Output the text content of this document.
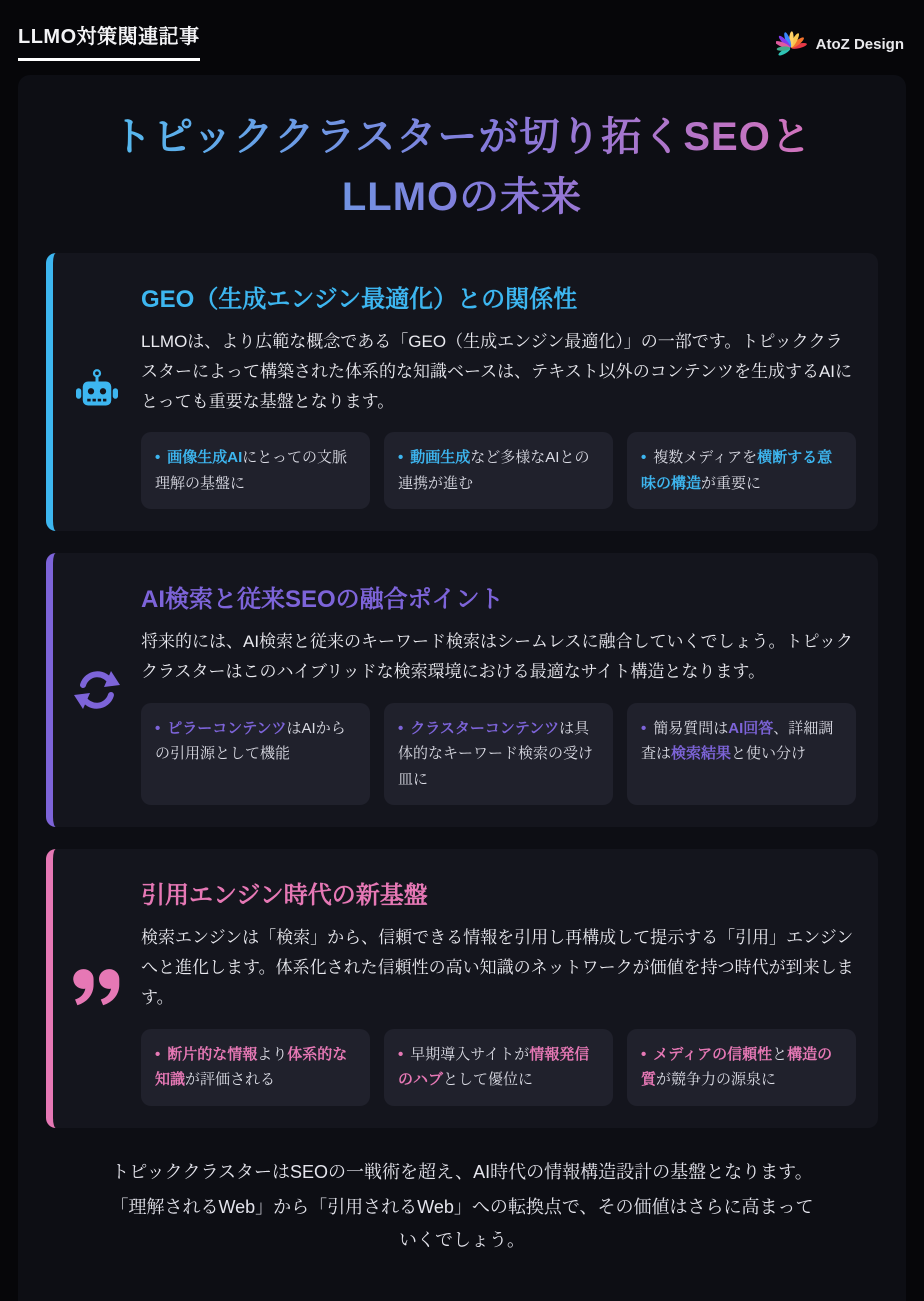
LLMO対策関連記事	AtoZ Design
トピッククラスターが切り拓くSEOと
LLMOの未来
GEO（生成エンジン最適化）との関係性

LLMOは、より広範な概念である「GEO（生成エンジン最適化）」の一部です。トピッククラスターによって構築された体系的な知識ベースは、テキスト以外のコンテンツを生成するAIにとっても重要な基盤となります。

• 画像生成AIにとっての文脈理解の基盤に
• 動画生成など多様なAIとの連携が進む
• 複数メディアを横断する意味の構造が重要に
AI検索と従来SEOの融合ポイント

将来的には、AI検索と従来のキーワード検索はシームレスに融合していくでしょう。トピッククラスターはこのハイブリッドな検索環境における最適なサイト構造となります。

• ピラーコンテンツはAIからの引用源として機能
• クラスターコンテンツは具体的なキーワード検索の受け皿に
• 簡易質問はAI回答、詳細調査は検索結果と使い分け
引用エンジン時代の新基盤

検索エンジンは「検索」から、信頼できる情報を引用し再構成して提示する「引用」エンジンへと進化します。体系化された信頼性の高い知識のネットワークが価値を持つ時代が到来します。

• 断片的な情報より体系的な知識が評価される
• 早期導入サイトが情報発信のハブとして優位に
• メディアの信頼性と構造の質が競争力の源泉に

トピッククラスターはSEOの一戦術を超え、AI時代の情報構造設計の基盤となります。

「理解されるWeb」から「引用されるWeb」への転換点で、その価値はさらに高まっていくでしょう。
